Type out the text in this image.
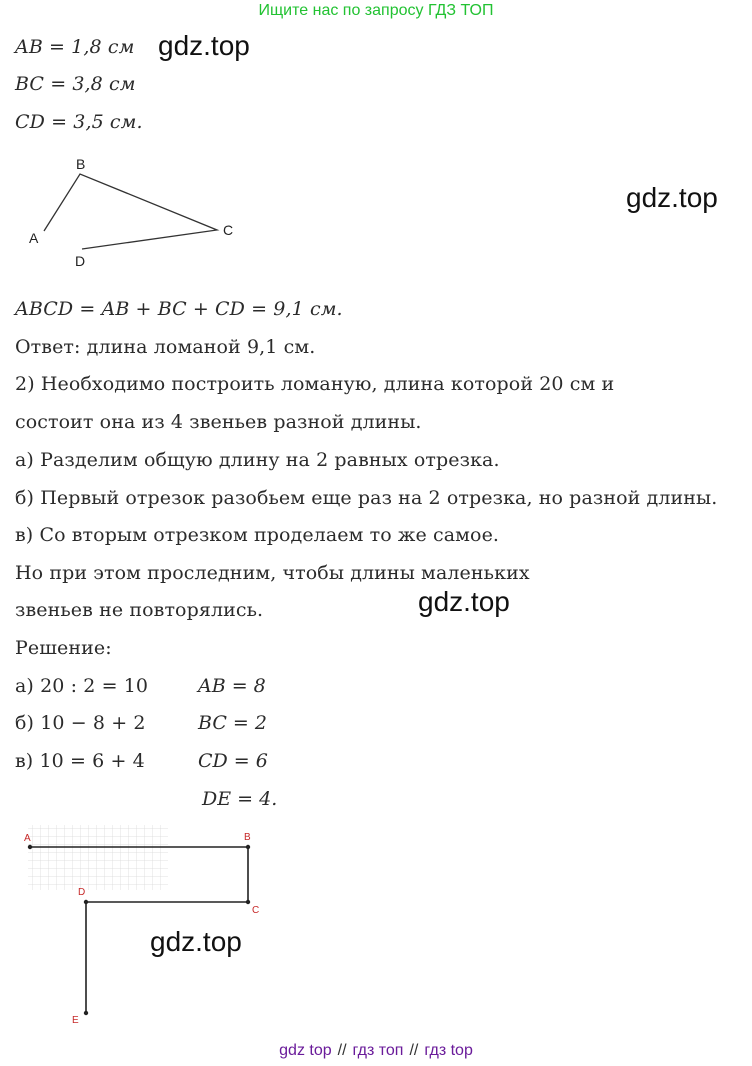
Ищите нас по запросу ГДЗ ТОП
AB = 1,8 см
BC = 3,8 см
CD = 3,5 см.
gdz.top
gdz.top
gdz.top
gdz.top
B
A	C
D
ABCD = AB + BC + CD = 9,1 см.
Ответ: длина ломаной 9,1 см.
2) Необходимо построить ломаную, длина которой 20 см и
состоит она из 4 звеньев разной длины.
а) Разделим общую длину на 2 равных отрезка.
б) Первый отрезок разобьем еще раз на 2 отрезка, но разной длины.
в) Со вторым отрезком проделаем то же самое.
Но при этом проследним, чтобы длины маленьких
звеньев не повторялись.
Решение:
а) 20 : 2 = 10	AB = 8
б) 10 − 8 + 2	BC = 2
в) 10 = 6 + 4	CD = 6
DE = 4.
A	B
C
D
E
gdz top // гдз топ // гдз top
